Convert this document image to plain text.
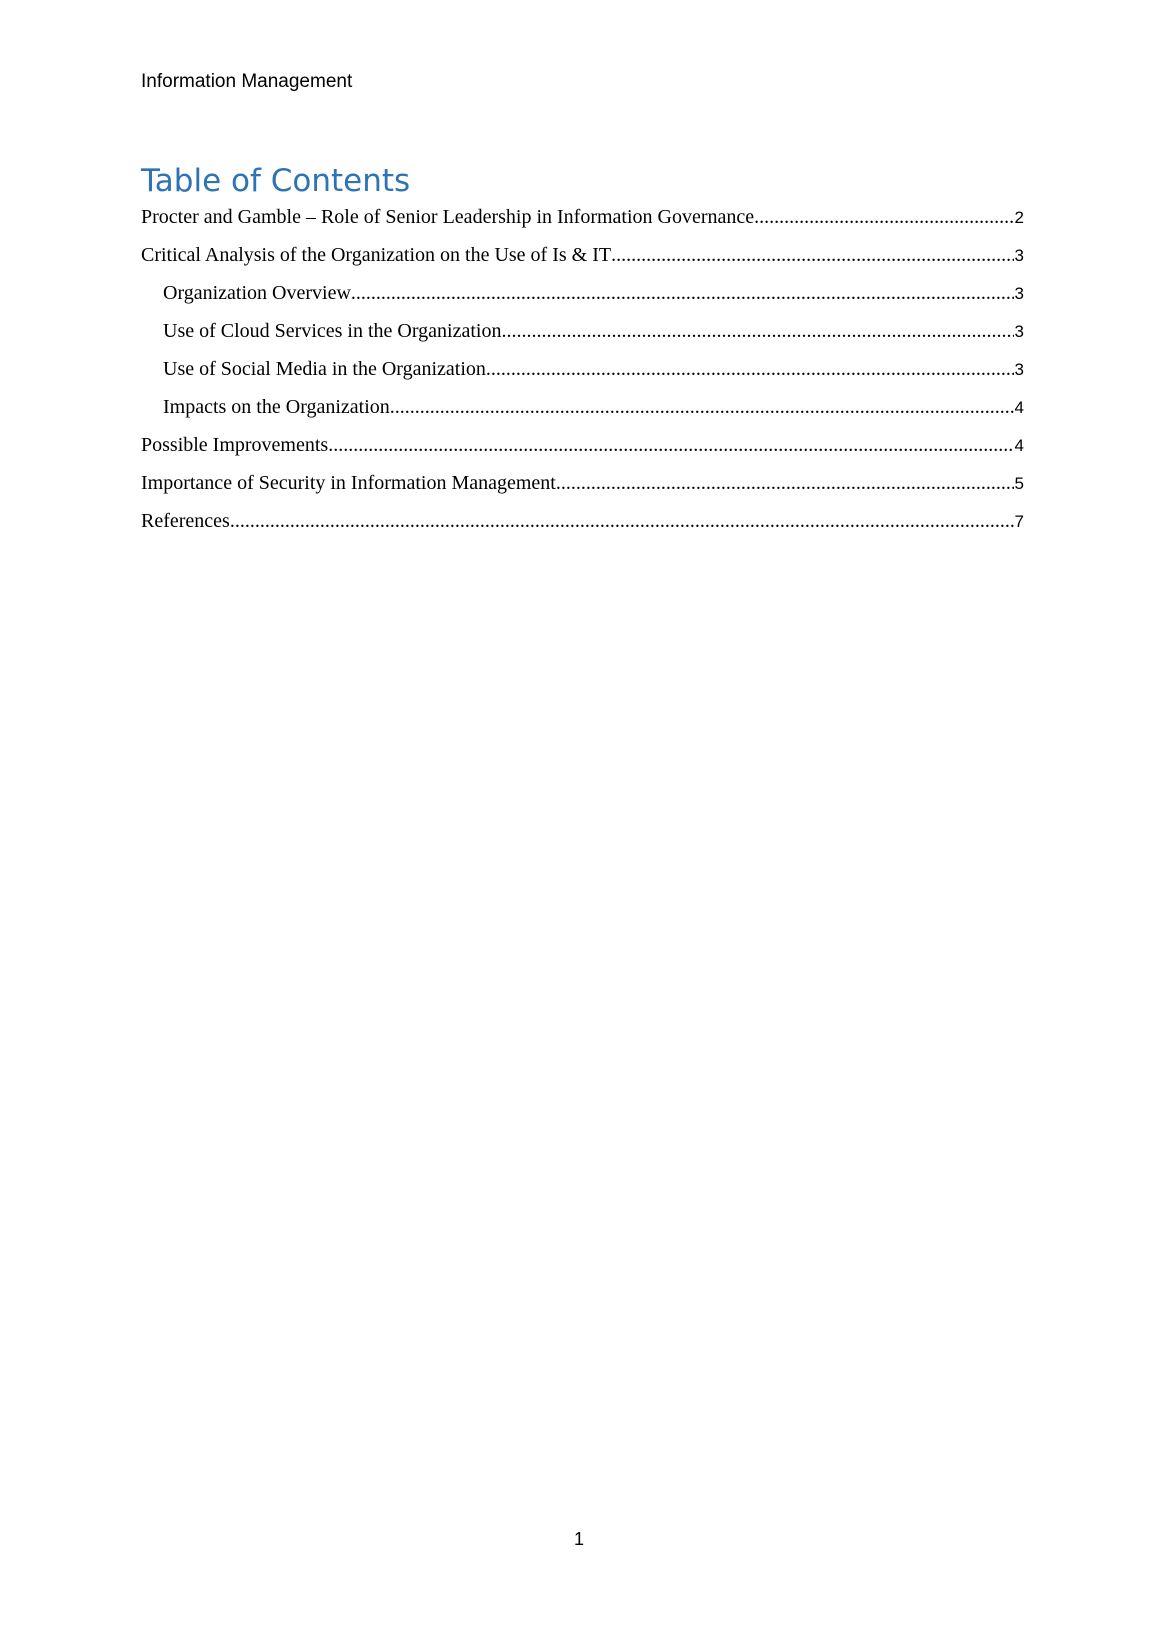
Information Management
Table of Contents
Procter and Gamble – Role of Senior Leadership in Information Governance .....	2
Critical Analysis of the Organization on the Use of Is & IT .....	3
Organization Overview .....	3
Use of Cloud Services in the Organization .....	3
Use of Social Media in the Organization .....	3
Impacts on the Organization .....	4
Possible Improvements .....	4
Importance of Security in Information Management .....	5
References .....	7
1
